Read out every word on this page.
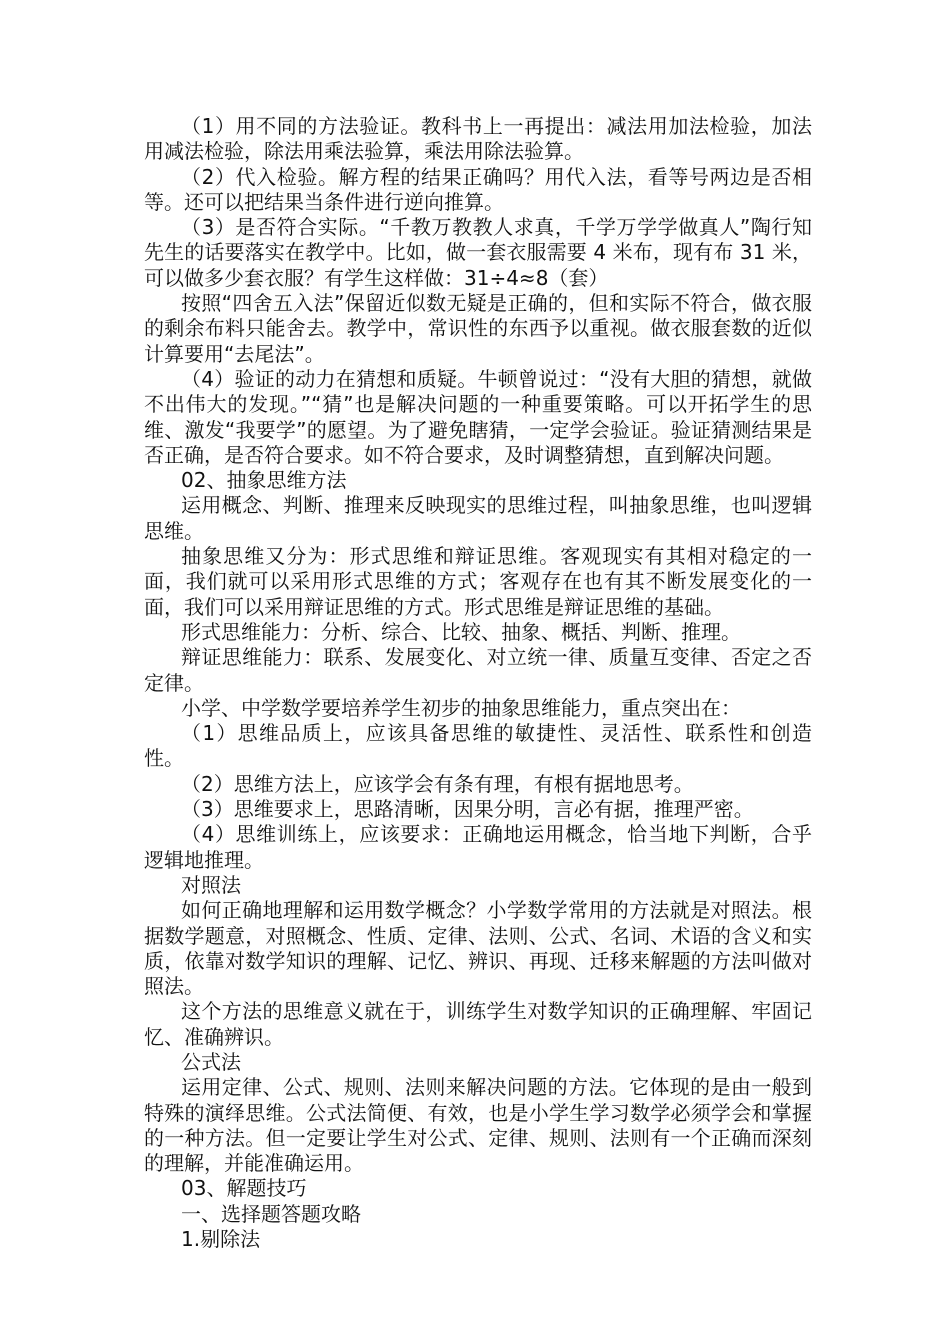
（1）用不同的方法验证。教科书上一再提出：减法用加法检验，加法用减法检验，除法用乘法验算，乘法用除法验算。

（2）代入检验。解方程的结果正确吗？用代入法，看等号两边是否相等。还可以把结果当条件进行逆向推算。

（3）是否符合实际。“千教万教教人求真，千学万学学做真人”陶行知先生的话要落实在教学中。比如，做一套衣服需要 4 米布，现有布 31 米，可以做多少套衣服？有学生这样做：31÷4≈8（套）

按照“四舍五入法”保留近似数无疑是正确的，但和实际不符合，做衣服的剩余布料只能舍去。教学中，常识性的东西予以重视。做衣服套数的近似计算要用“去尾法”。

（4）验证的动力在猜想和质疑。牛顿曾说过：“没有大胆的猜想，就做不出伟大的发现。”“猜”也是解决问题的一种重要策略。可以开拓学生的思维、激发“我要学”的愿望。为了避免瞎猜，一定学会验证。验证猜测结果是否正确，是否符合要求。如不符合要求，及时调整猜想，直到解决问题。

02、抽象思维方法

运用概念、判断、推理来反映现实的思维过程，叫抽象思维，也叫逻辑思维。

抽象思维又分为：形式思维和辩证思维。客观现实有其相对稳定的一面，我们就可以采用形式思维的方式；客观存在也有其不断发展变化的一面，我们可以采用辩证思维的方式。形式思维是辩证思维的基础。

形式思维能力：分析、综合、比较、抽象、概括、判断、推理。

辩证思维能力：联系、发展变化、对立统一律、质量互变律、否定之否定律。

小学、中学数学要培养学生初步的抽象思维能力，重点突出在：

（1）思维品质上，应该具备思维的敏捷性、灵活性、联系性和创造性。

（2）思维方法上，应该学会有条有理，有根有据地思考。

（3）思维要求上，思路清晰，因果分明，言必有据，推理严密。

（4）思维训练上，应该要求：正确地运用概念，恰当地下判断，合乎逻辑地推理。

对照法

如何正确地理解和运用数学概念？小学数学常用的方法就是对照法。根据数学题意，对照概念、性质、定律、法则、公式、名词、术语的含义和实质，依靠对数学知识的理解、记忆、辨识、再现、迁移来解题的方法叫做对照法。

这个方法的思维意义就在于，训练学生对数学知识的正确理解、牢固记忆、准确辨识。

公式法

运用定律、公式、规则、法则来解决问题的方法。它体现的是由一般到特殊的演绎思维。公式法简便、有效，也是小学生学习数学必须学会和掌握的一种方法。但一定要让学生对公式、定律、规则、法则有一个正确而深刻的理解，并能准确运用。

03、解题技巧

一、选择题答题攻略

1.剔除法
